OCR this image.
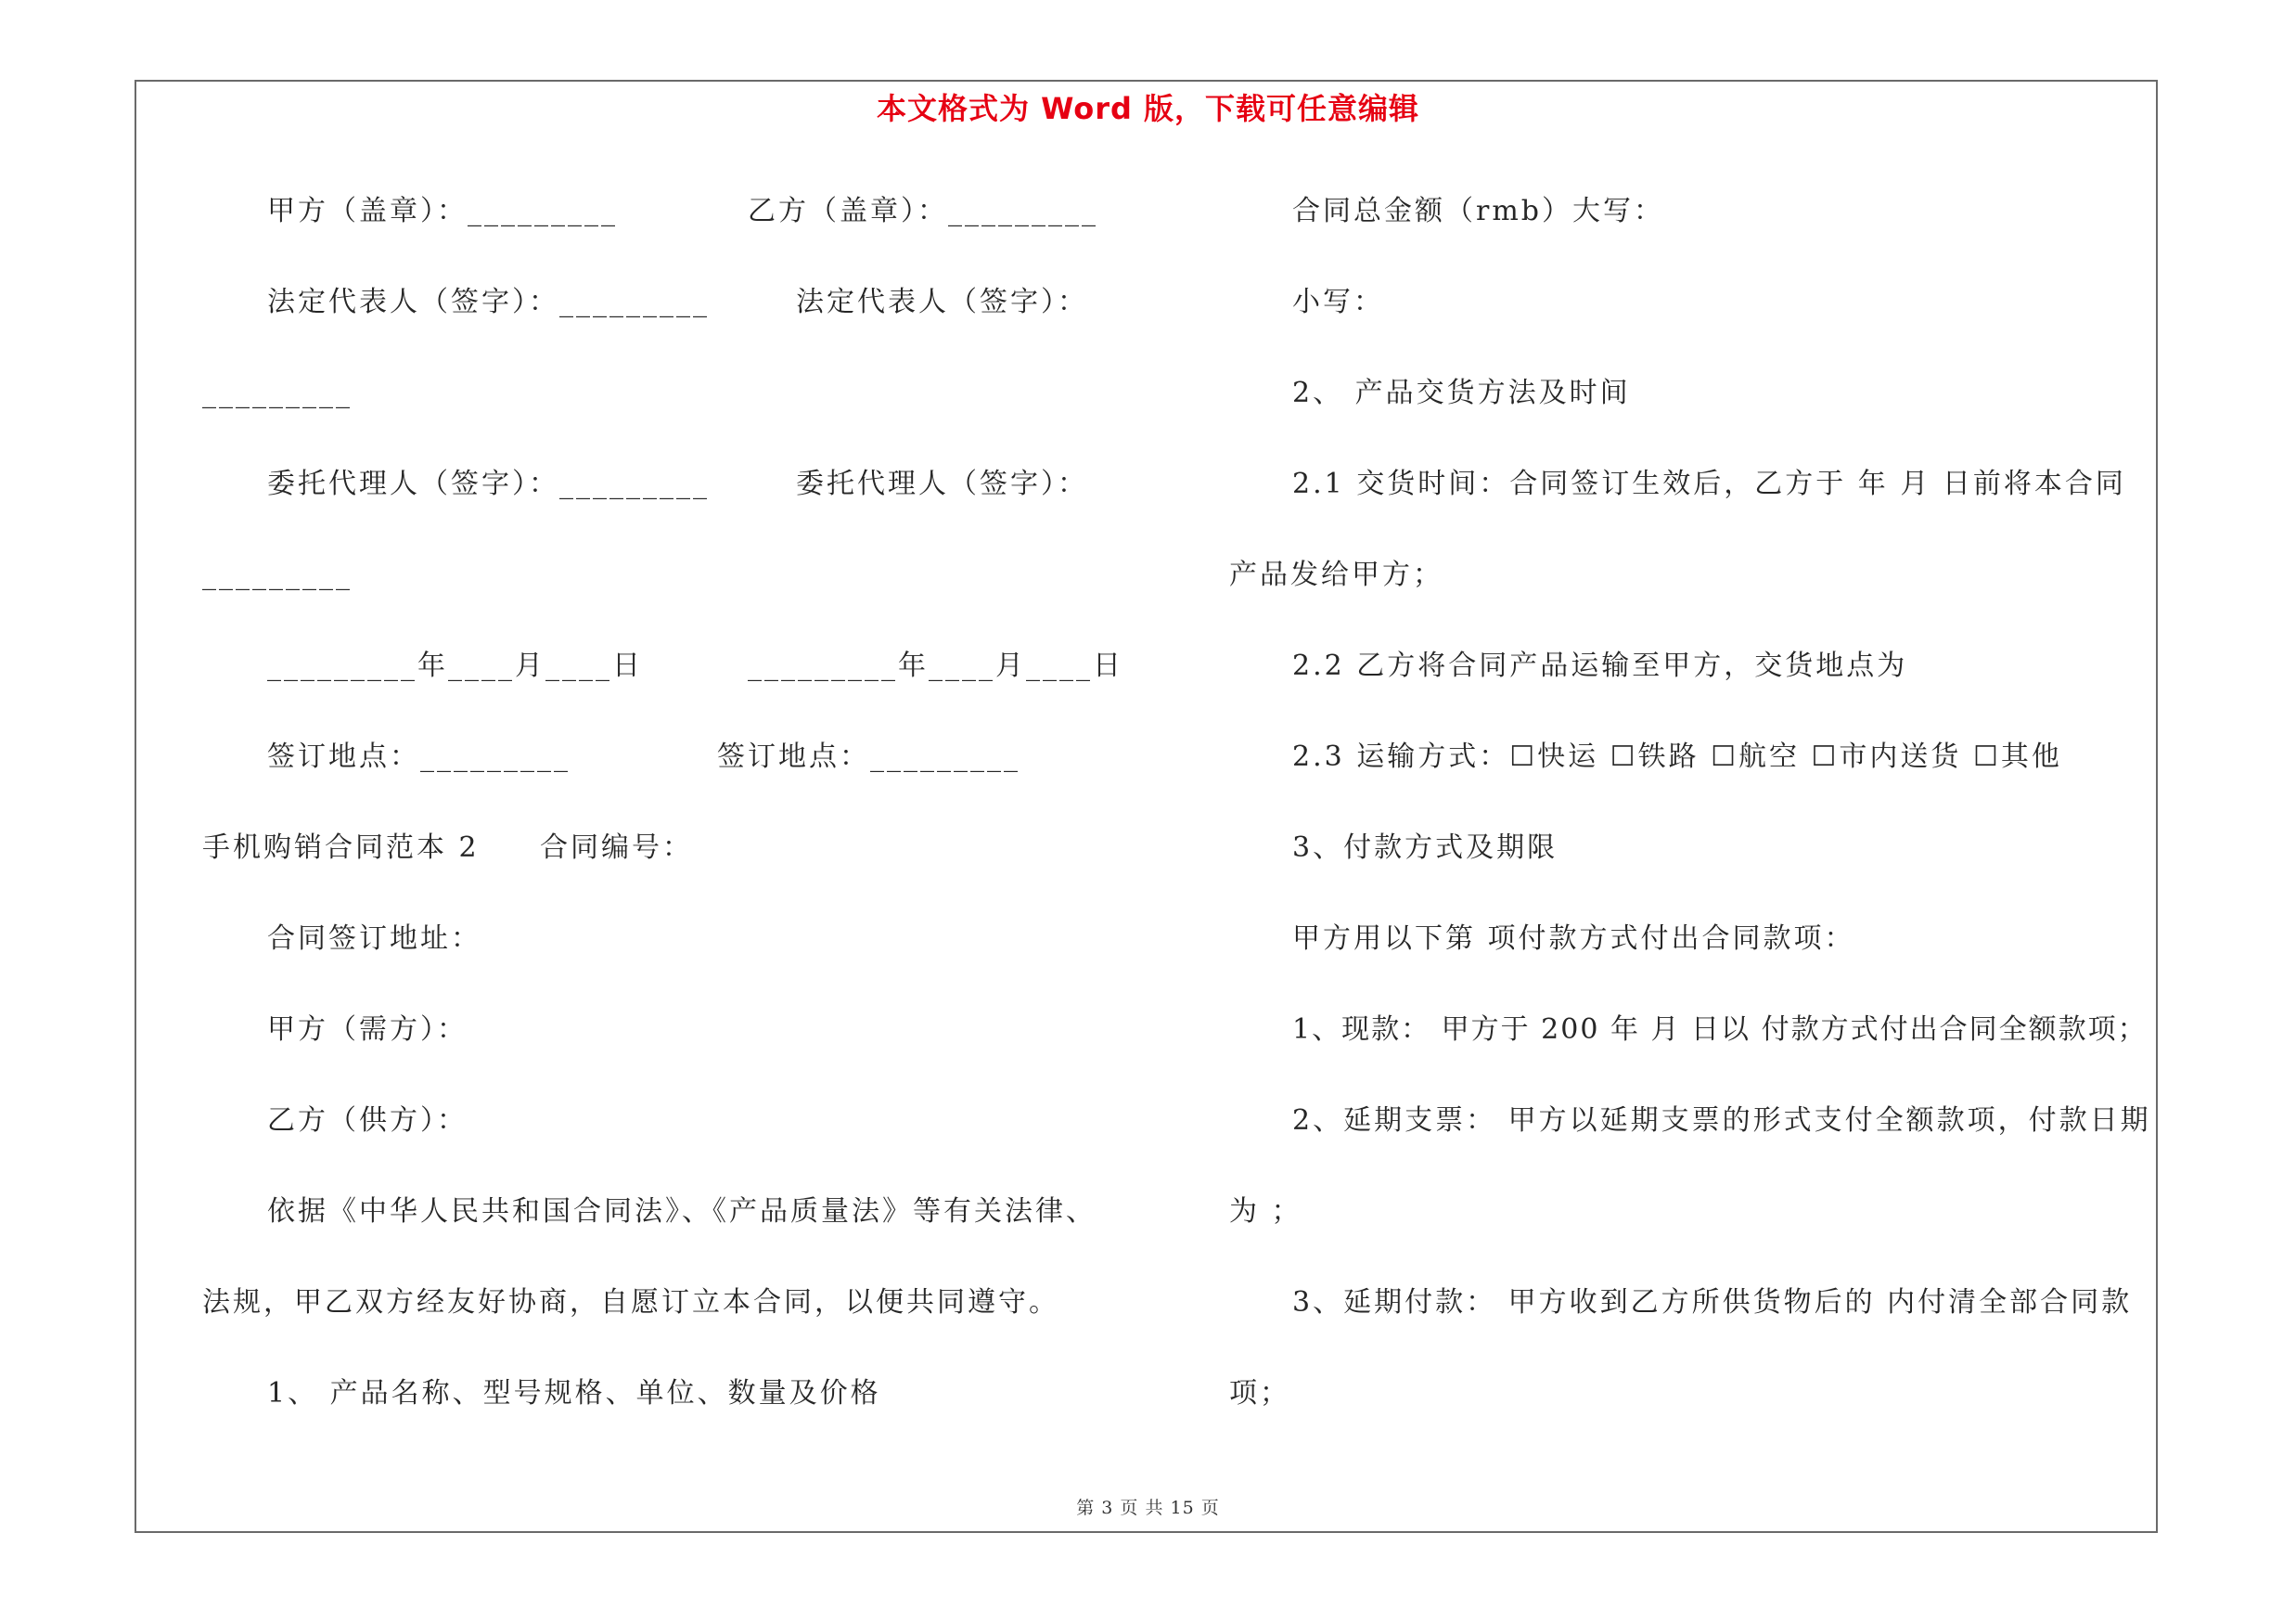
本文格式为 Word 版，下载可任意编辑
甲方（盖章）：_________	乙方（盖章）：_________
法定代表人（签字）：_________	法定代表人（签字）：
_________
委托代理人（签字）：_________	委托代理人（签字）：
_________
_________年____月____日	_________年____月____日
签订地点：_________	签订地点：_________
手机购销合同范本 2 合同编号：
合同签订地址：
甲方（需方）：
乙方（供方）：
依据《中华人民共和国合同法》、《产品质量法》等有关法律、
法规，甲乙双方经友好协商，自愿订立本合同，以便共同遵守。
1、 产品名称、型号规格、单位、数量及价格
合同总金额（rmb）大写：
小写：
2、 产品交货方法及时间
2.1 交货时间：合同签订生效后，乙方于 年 月 日前将本合同
产品发给甲方；
2.2 乙方将合同产品运输至甲方，交货地点为
2.3 运输方式：☐快运 ☐铁路 ☐航空 ☐市内送货 ☐其他
3、付款方式及期限
甲方用以下第 项付款方式付出合同款项：
1、现款： 甲方于 200 年 月 日以 付款方式付出合同全额款项；
2、延期支票： 甲方以延期支票的形式支付全额款项，付款日期
为 ；
3、延期付款： 甲方收到乙方所供货物后的 内付清全部合同款
项；
第 3 页 共 15 页
